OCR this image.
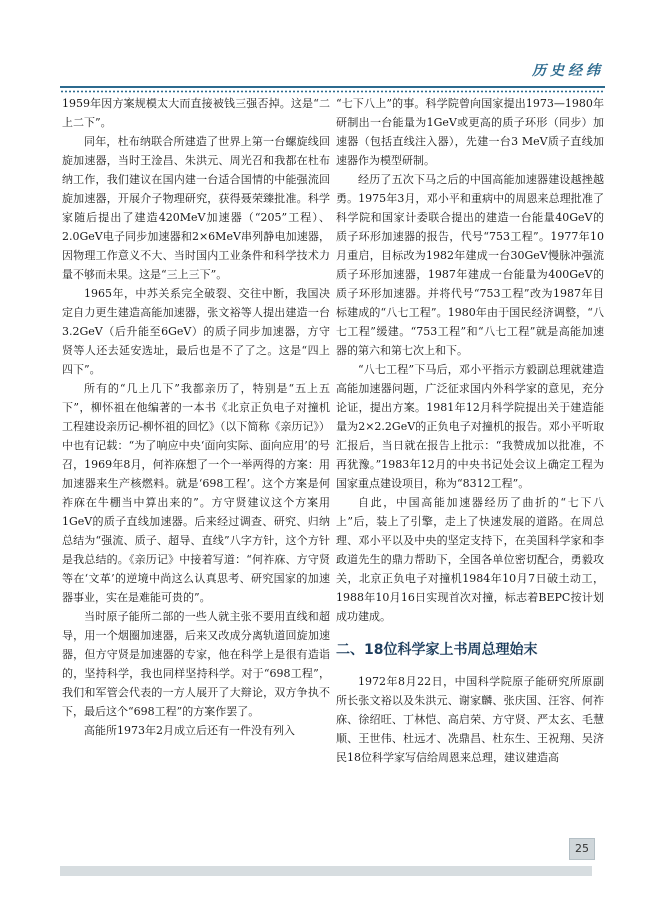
历史经纬

1959年因方案规模太大而直接被钱三强否掉。这是“二上二下”。

同年，杜布纳联合所建造了世界上第一台螺旋线回旋加速器，当时王淦昌、朱洪元、周光召和我都在杜布纳工作，我们建议在国内建一台适合国情的中能强流回旋加速器，开展介子物理研究，获得聂荣臻批准。科学家随后提出了建造420MeV加速器（“205”工程）、2.0GeV电子同步加速器和2×6MeV串列静电加速器，因物理工作意义不大、当时国内工业条件和科学技术力量不够而未果。这是“三上三下”。

1965年，中苏关系完全破裂、交往中断，我国决定自力更生建造高能加速器，张文裕等人提出建造一台3.2GeV（后升能至6GeV）的质子同步加速器，方守贤等人还去延安选址，最后也是不了了之。这是“四上四下”。

所有的“几上几下”我都亲历了，特别是“五上五下”，柳怀祖在他编著的一本书《北京正负电子对撞机工程建设亲历记-柳怀祖的回忆》（以下简称《亲历记》）中也有记载：“为了响应中央‘面向实际、面向应用’的号召，1969年8月，何祚庥想了一个一举两得的方案：用加速器来生产核燃料。就是‘698工程’。这个方案是何祚庥在牛棚当中算出来的”。方守贤建议这个方案用1GeV的质子直线加速器。后来经过调查、研究、归纳总结为“强流、质子、超导、直线”八字方针，这个方针是我总结的。《亲历记》中接着写道：“何祚庥、方守贤等在‘文革’的逆境中尚这么认真思考、研究国家的加速器事业，实在是难能可贵的”。

当时原子能所二部的一些人就主张不要用直线和超导，用一个烟圈加速器，后来又改成分离轨道回旋加速器，但方守贤是加速器的专家，他在科学上是很有造诣的，坚持科学，我也同样坚持科学。对于“698工程”，我们和军管会代表的一方人展开了大辩论，双方争执不下，最后这个“698工程”的方案作罢了。

高能所1973年2月成立后还有一件没有列入

“七下八上”的事。科学院曾向国家提出1973—1980年研制出一台能量为1GeV或更高的质子环形（同步）加速器（包括直线注入器），先建一台3 MeV质子直线加速器作为模型研制。

经历了五次下马之后的中国高能加速器建设越挫越勇。1975年3月，邓小平和重病中的周恩来总理批准了科学院和国家计委联合提出的建造一台能量40GeV的质子环形加速器的报告，代号“753工程”。1977年10月重启，目标改为1982年建成一台30GeV慢脉冲强流质子环形加速器，1987年建成一台能量为400GeV的质子环形加速器。并将代号“753工程”改为1987年目标建成的“八七工程”。1980年由于国民经济调整，“八七工程”缓建。“753工程”和“八七工程”就是高能加速器的第六和第七次上和下。

“八七工程”下马后，邓小平指示方毅副总理就建造高能加速器问题，广泛征求国内外科学家的意见，充分论证，提出方案。1981年12月科学院提出关于建造能量为2×2.2GeV的正负电子对撞机的报告。邓小平听取汇报后，当日就在报告上批示：“我赞成加以批准，不再犹豫。”1983年12月的中央书记处会议上确定工程为国家重点建设项目，称为“8312工程”。

自此，中国高能加速器经历了曲折的“七下八上”后，装上了引擎，走上了快速发展的道路。在周总理、邓小平以及中央的坚定支持下，在美国科学家和李政道先生的鼎力帮助下，全国各单位密切配合，勇毅攻关，北京正负电子对撞机1984年10月7日破土动工，1988年10月16日实现首次对撞，标志着BEPC按计划成功建成。

二、18位科学家上书周总理始末

1972年8月22日，中国科学院原子能研究所原副所长张文裕以及朱洪元、谢家麟、张庆国、汪容、何祚庥、徐绍旺、丁林恺、高启荣、方守贤、严太玄、毛慧顺、王世伟、杜远才、冼鼎昌、杜东生、王祝翔、吴济民18位科学家写信给周恩来总理，建议建造高

25
